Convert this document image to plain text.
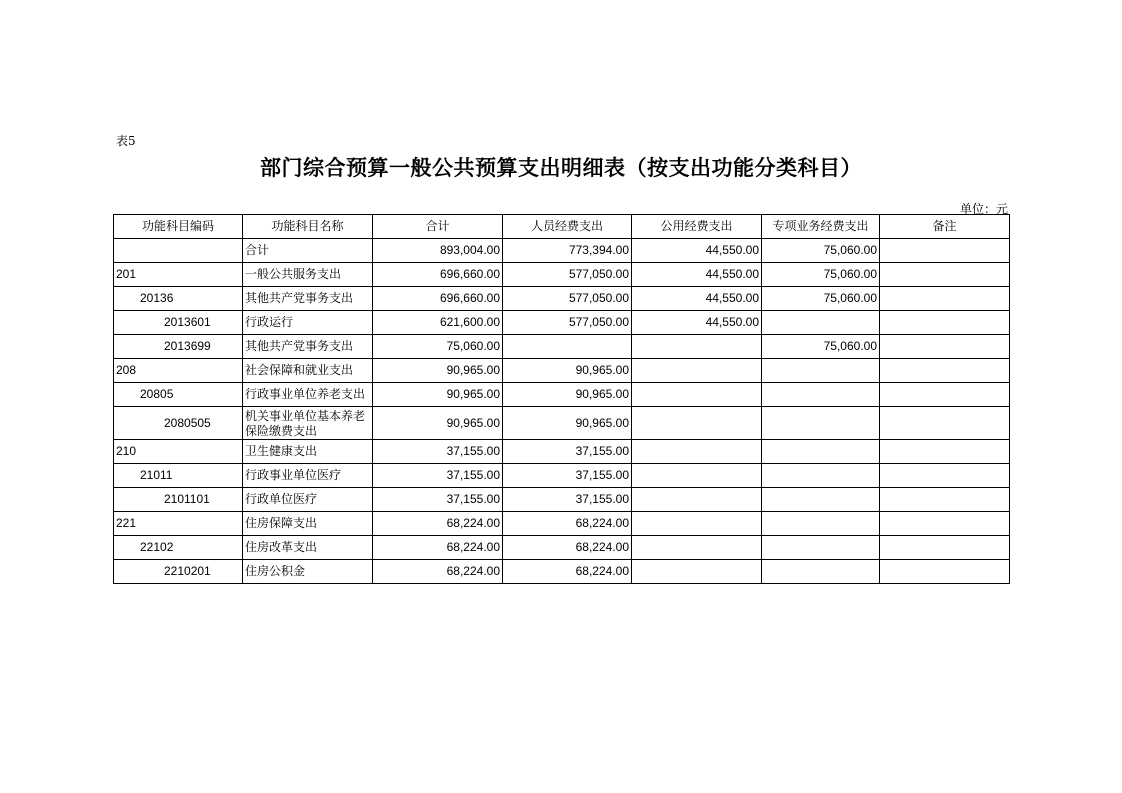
表5
部门综合预算一般公共预算支出明细表（按支出功能分类科目）
单位：元
功能科目编码	功能科目名称	合计	人员经费支出	公用经费支出	专项业务经费支出	备注
	合计	893,004.00	773,394.00	44,550.00	75,060.00	
201	一般公共服务支出	696,660.00	577,050.00	44,550.00	75,060.00	
20136	其他共产党事务支出	696,660.00	577,050.00	44,550.00	75,060.00	
2013601	行政运行	621,600.00	577,050.00	44,550.00		
2013699	其他共产党事务支出	75,060.00			75,060.00	
208	社会保障和就业支出	90,965.00	90,965.00			
20805	行政事业单位养老支出	90,965.00	90,965.00			
2080505	机关事业单位基本养老保险缴费支出	90,965.00	90,965.00			
210	卫生健康支出	37,155.00	37,155.00			
21011	行政事业单位医疗	37,155.00	37,155.00			
2101101	行政单位医疗	37,155.00	37,155.00			
221	住房保障支出	68,224.00	68,224.00			
22102	住房改革支出	68,224.00	68,224.00			
2210201	住房公积金	68,224.00	68,224.00			
